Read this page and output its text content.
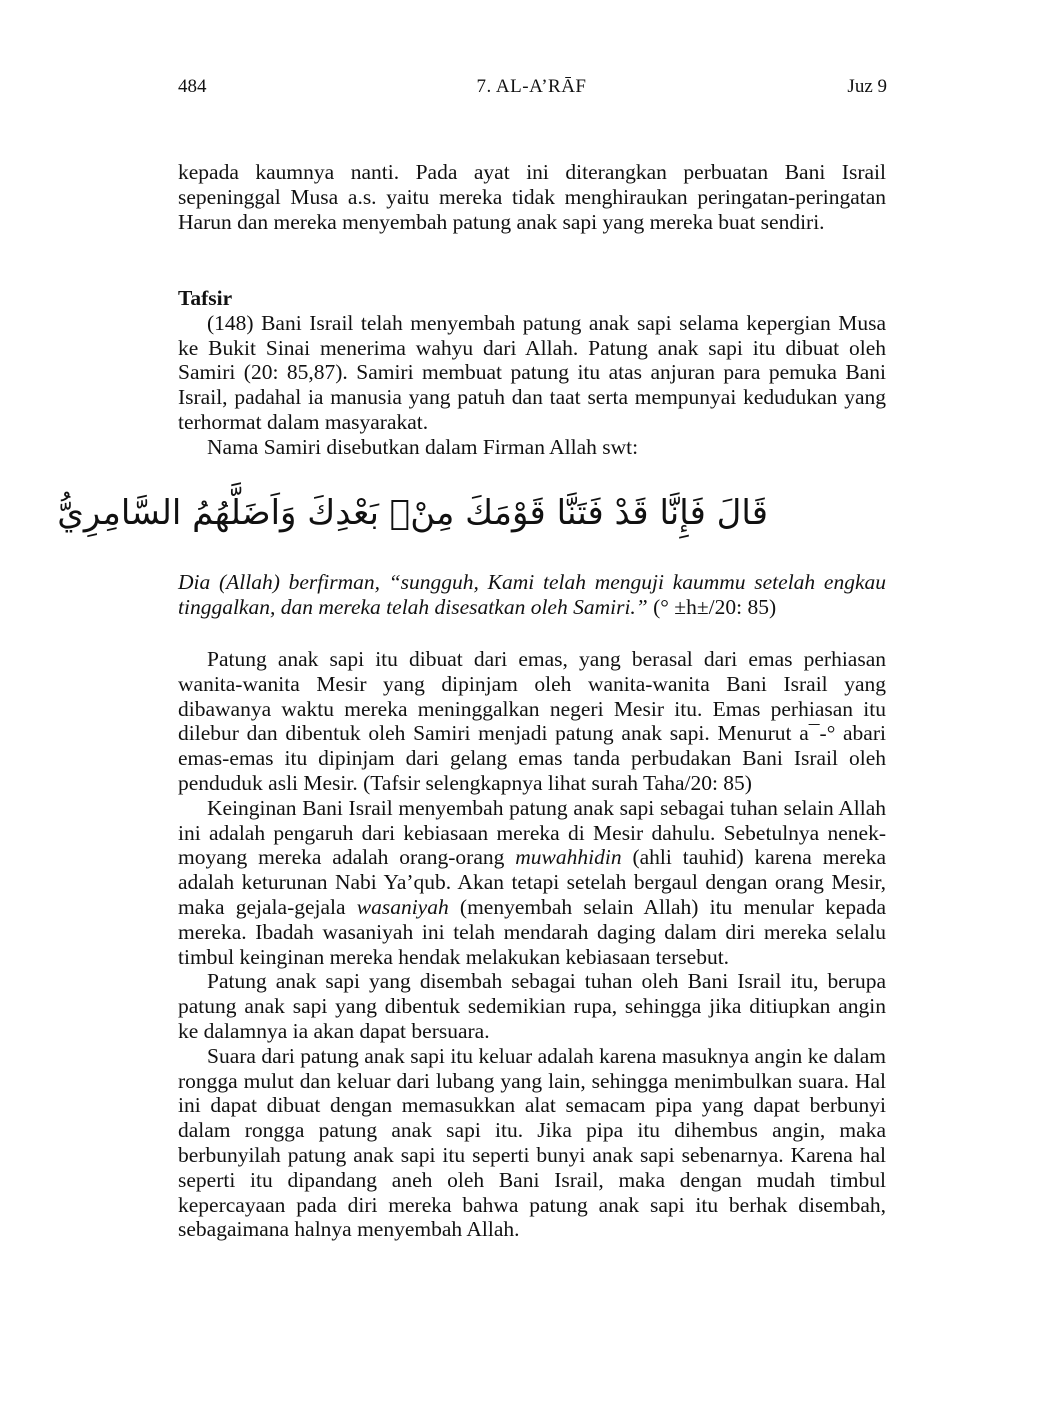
484	7. AL-A’RĀF	Juz 9

kepada kaumnya nanti. Pada ayat ini diterangkan perbuatan Bani Israil sepeninggal Musa a.s. yaitu mereka tidak menghiraukan peringatan-peringatan Harun dan mereka menyembah patung anak sapi yang mereka buat sendiri.

Tafsir

(148) Bani Israil telah menyembah patung anak sapi selama kepergian Musa ke Bukit Sinai menerima wahyu dari Allah. Patung anak sapi itu dibuat oleh Samiri (20: 85,87). Samiri membuat patung itu atas anjuran para pemuka Bani Israil, padahal ia manusia yang patuh dan taat serta mempunyai kedudukan yang terhormat dalam masyarakat.

Nama Samiri disebutkan dalam Firman Allah swt:

قَالَ فَإِنَّا قَدْ فَتَنَّا قَوْمَكَ مِنْۢ بَعْدِكَ وَاَضَلَّهُمُ السَّامِرِيُّ

Dia (Allah) berfirman, “sungguh, Kami telah menguji kaummu setelah engkau tinggalkan, dan mereka telah disesatkan oleh Samiri.” (° ±h±/20: 85)

Patung anak sapi itu dibuat dari emas, yang berasal dari emas perhiasan wanita-wanita Mesir yang dipinjam oleh wanita-wanita Bani Israil yang dibawanya waktu mereka meninggalkan negeri Mesir itu. Emas perhiasan itu dilebur dan dibentuk oleh Samiri menjadi patung anak sapi. Menurut a¯-° abari emas-emas itu dipinjam dari gelang emas tanda perbudakan Bani Israil oleh penduduk asli Mesir. (Tafsir selengkapnya lihat surah Taha/20: 85)

Keinginan Bani Israil menyembah patung anak sapi sebagai tuhan selain Allah ini adalah pengaruh dari kebiasaan mereka di Mesir dahulu. Sebetulnya nenek-moyang mereka adalah orang-orang muwahhidin (ahli tauhid) karena mereka adalah keturunan Nabi Ya’qub. Akan tetapi setelah bergaul dengan orang Mesir, maka gejala-gejala wasaniyah (menyembah selain Allah) itu menular kepada mereka. Ibadah wasaniyah ini telah mendarah daging dalam diri mereka selalu timbul keinginan mereka hendak melakukan kebiasaan tersebut.

Patung anak sapi yang disembah sebagai tuhan oleh Bani Israil itu, berupa patung anak sapi yang dibentuk sedemikian rupa, sehingga jika ditiupkan angin ke dalamnya ia akan dapat bersuara.

Suara dari patung anak sapi itu keluar adalah karena masuknya angin ke dalam rongga mulut dan keluar dari lubang yang lain, sehingga menimbulkan suara. Hal ini dapat dibuat dengan memasukkan alat semacam pipa yang dapat berbunyi dalam rongga patung anak sapi itu. Jika pipa itu dihembus angin, maka berbunyilah patung anak sapi itu seperti bunyi anak sapi sebenarnya. Karena hal seperti itu dipandang aneh oleh Bani Israil, maka dengan mudah timbul kepercayaan pada diri mereka bahwa patung anak sapi itu berhak disembah, sebagaimana halnya menyembah Allah.
